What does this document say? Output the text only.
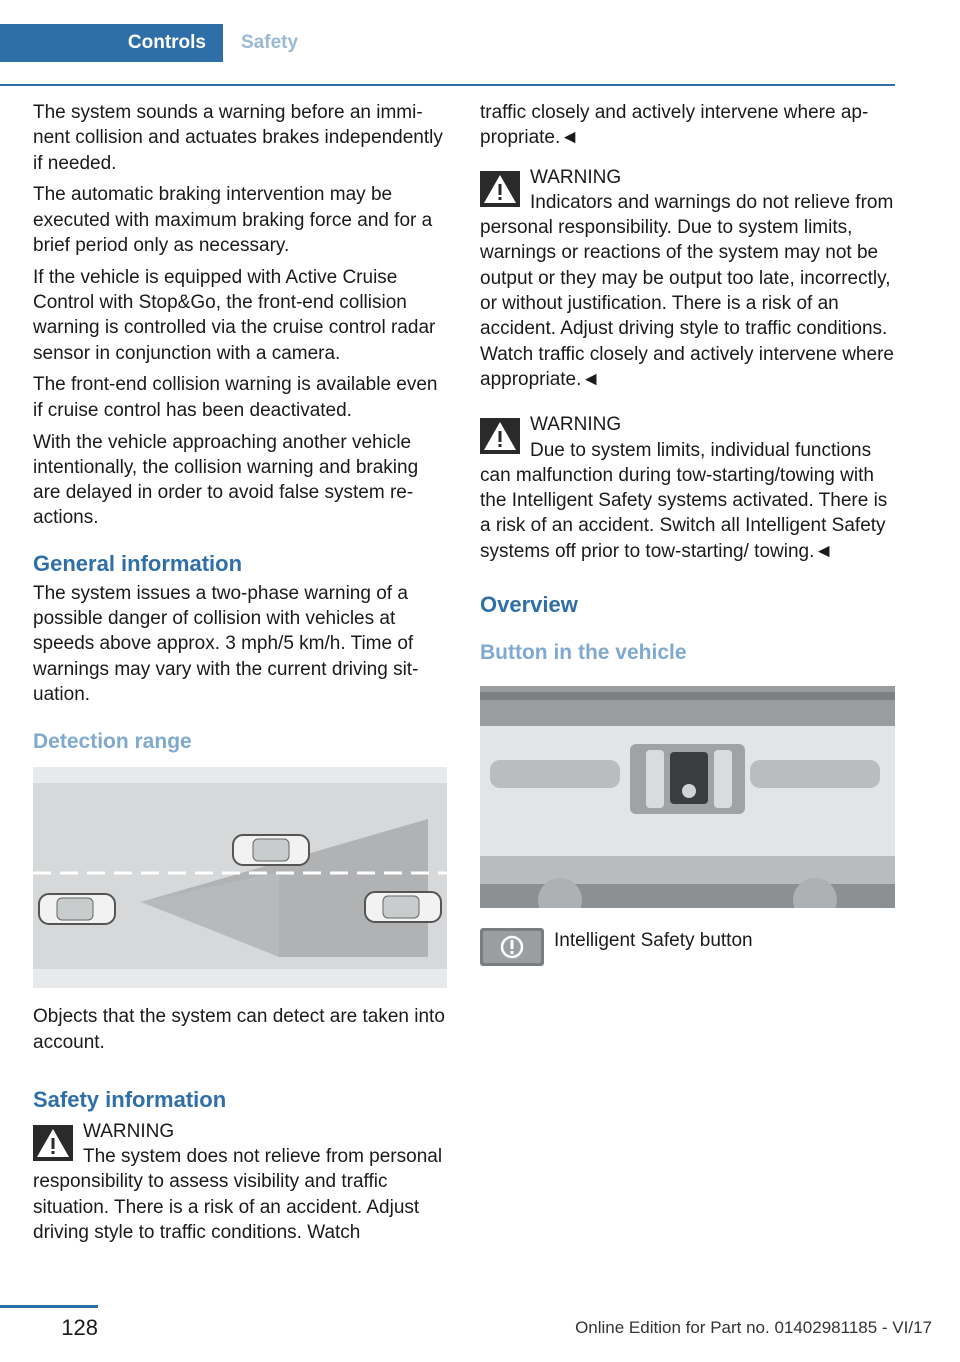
Controls	Safety

The system sounds a warning before an imminent collision and actuates brakes independently if needed.

The automatic braking intervention may be executed with maximum braking force and for a brief period only as necessary.

If the vehicle is equipped with Active Cruise Control with Stop&Go, the front-end collision warning is controlled via the cruise control radar sensor in conjunction with a camera.

The front-end collision warning is available even if cruise control has been deactivated.

With the vehicle approaching another vehicle intentionally, the collision warning and braking are delayed in order to avoid false system reactions.

General information

The system issues a two-phase warning of a possible danger of collision with vehicles at speeds above approx. 3 mph/5 km/h. Time of warnings may vary with the current driving situation.

Detection range

Objects that the system can detect are taken into account.

Safety information
WARNING
The system does not relieve from personal responsibility to assess visibility and traffic situation. There is a risk of an accident. Adjust driving style to traffic conditions. Watch

traffic closely and actively intervene where appropriate.◄

WARNING
Indicators and warnings do not relieve from personal responsibility. Due to system limits, warnings or reactions of the system may not be output or they may be output too late, incorrectly, or without justification. There is a risk of an accident. Adjust driving style to traffic conditions. Watch traffic closely and actively intervene where appropriate.◄
WARNING
Due to system limits, individual functions can malfunction during tow-starting/towing with the Intelligent Safety systems activated. There is a risk of an accident. Switch all Intelligent Safety systems off prior to tow-starting/ towing.◄
Overview
Button in the vehicle
Intelligent Safety button
128	Online Edition for Part no. 01402981185 - VI/17
